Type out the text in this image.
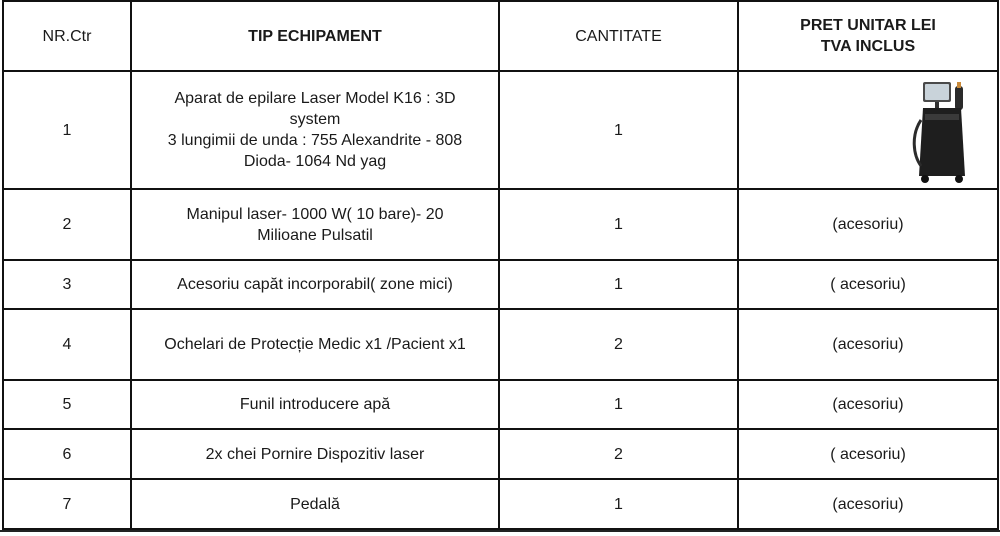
NR.Ctr	TIP ECHIPAMENT	CANTITATE	PRET UNITAR LEI
TVA INCLUS
1	Aparat de epilare Laser Model K16 : 3D
system
3 lungimii de unda : 755 Alexandrite - 808
Dioda- 1064 Nd yag	1	

2	Manipul laser- 1000 W( 10 bare)- 20
Milioane Pulsatil	1	(acesoriu)
3	Acesoriu capăt incorporabil( zone mici)	1	( acesoriu)
4	Ochelari de Protecție Medic x1 /Pacient x1	2	(acesoriu)
5	Funil introducere apă	1	(acesoriu)
6	2x chei Pornire Dispozitiv laser	2	( acesoriu)
7	Pedală	1	(acesoriu)
